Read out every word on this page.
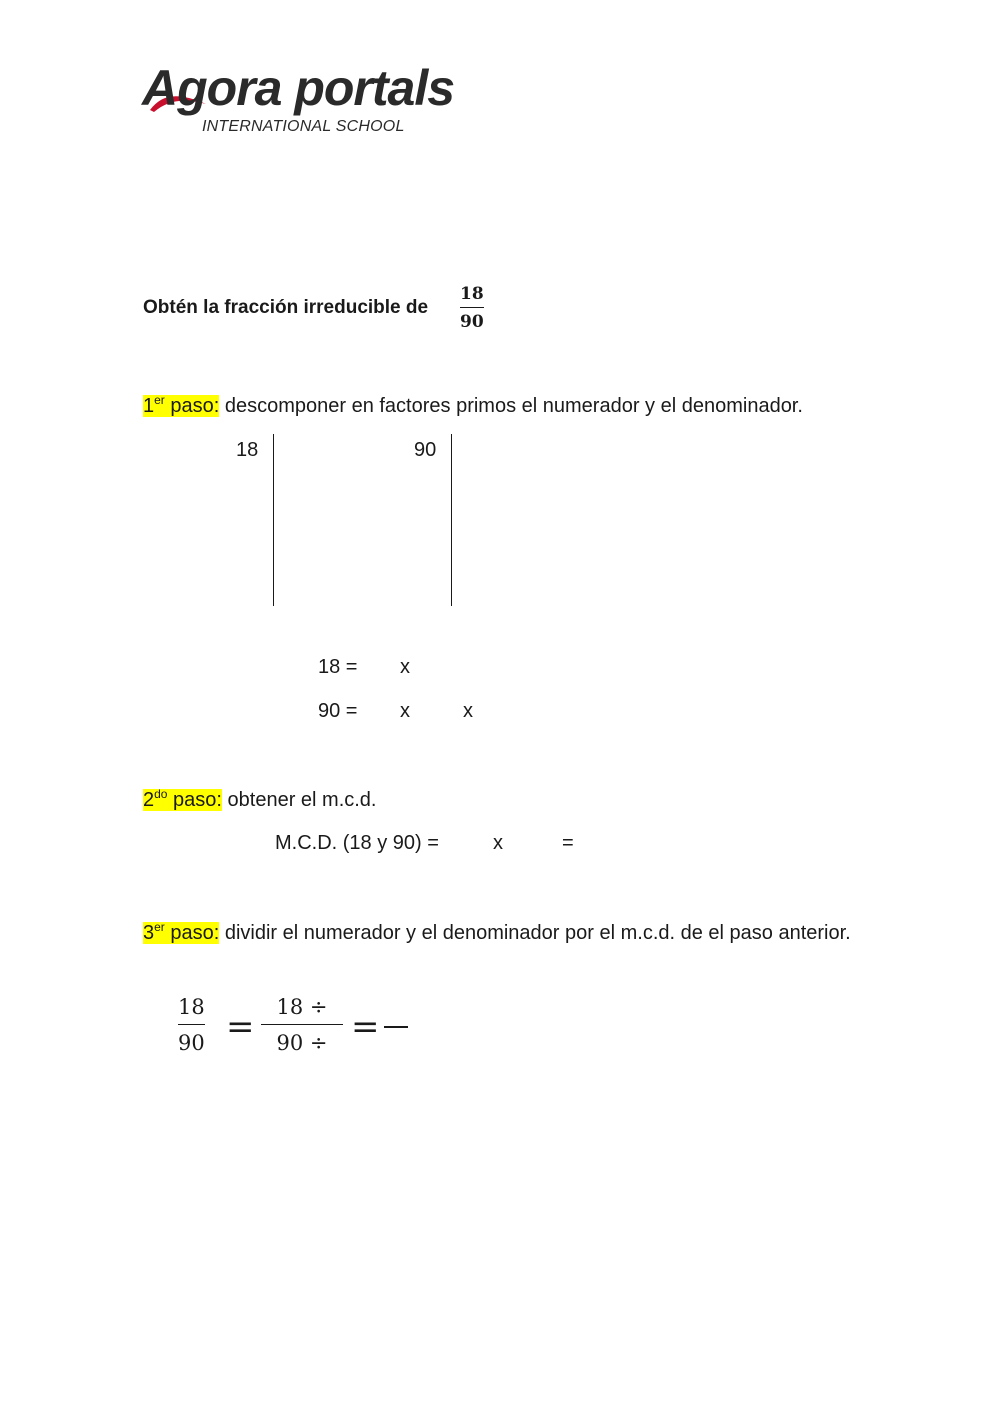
Agora portals
INTERNATIONAL SCHOOL
Obtén la fracción irreducible de
18
90
1er paso: descomponer en factores primos el numerador y el denominador.
18	90
18 = x
90 = x	x
$2^{do}$ paso: obtener el m.c.d.
M.C.D. (18 y 90) =	x	=
3er paso: dividir el numerador y el denominador por el m.c.d. de el paso anterior.
18
90 = 18 ÷
90 ÷ =
